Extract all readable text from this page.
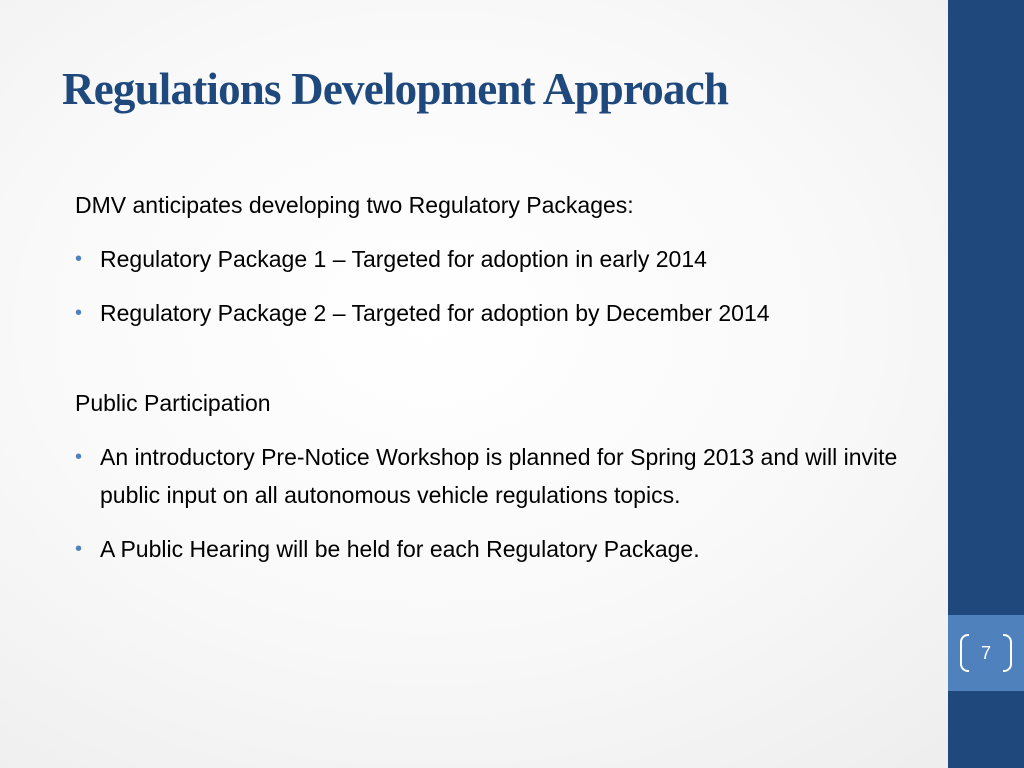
Regulations Development Approach

DMV anticipates developing two Regulatory Packages:

• Regulatory Package 1 – Targeted for adoption in early 2014
• Regulatory Package 2 – Targeted for adoption by December 2014

Public Participation

• An introductory Pre-Notice Workshop is planned for Spring 2013 and will invite public input on all autonomous vehicle regulations topics.
• A Public Hearing will be held for each Regulatory Package.
7
